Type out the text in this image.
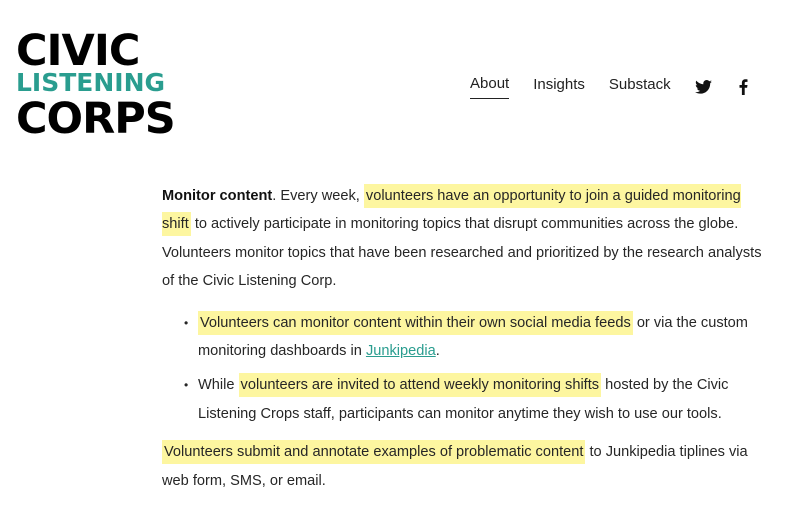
CIVIC
LISTENING
CORPS
About Insights Substack

Monitor content. Every week, volunteers have an opportunity to join a guided monitoring shift to actively participate in monitoring topics that disrupt communities across the globe. Volunteers monitor topics that have been researched and prioritized by the research analysts of the Civic Listening Corp.

• Volunteers can monitor content within their own social media feeds or via the custom monitoring dashboards in Junkipedia.
• While volunteers are invited to attend weekly monitoring shifts hosted by the Civic Listening Crops staff, participants can monitor anytime they wish to use our tools.

Volunteers submit and annotate examples of problematic content to Junkipedia tiplines via web form, SMS, or email.
